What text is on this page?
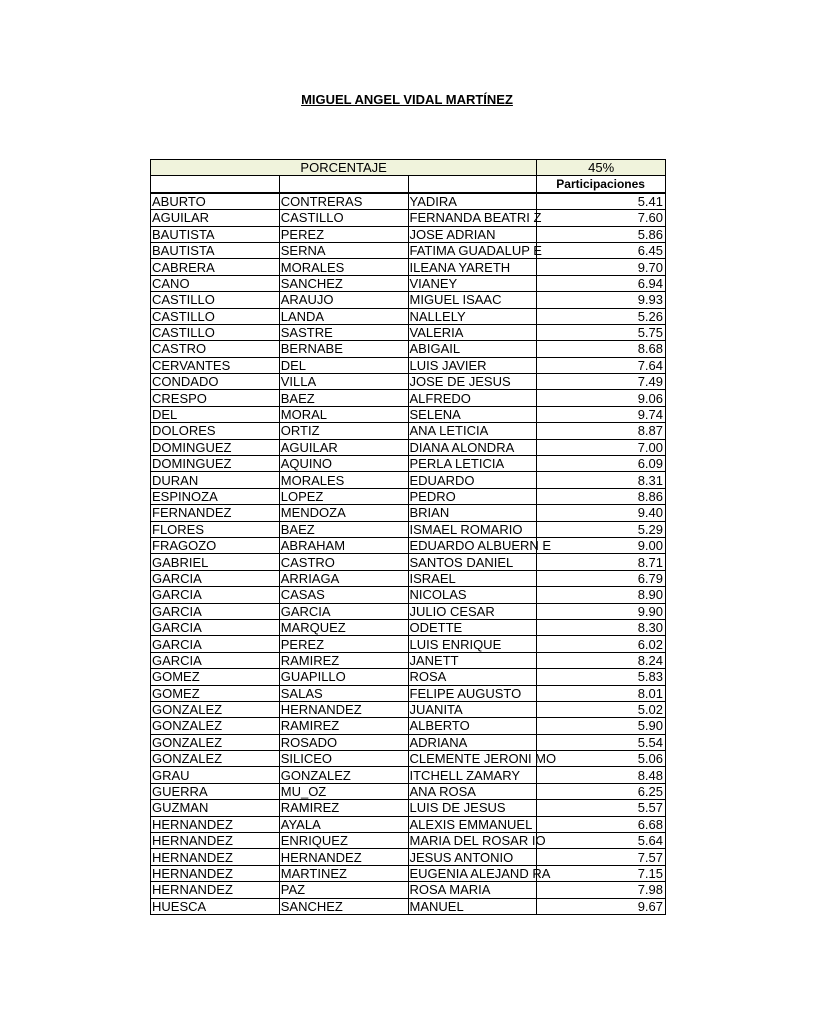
MIGUEL ANGEL VIDAL MARTÍNEZ
PORCENTAJE			45%
			Participaciones
ABURTO	CONTRERAS	YADIRA	5.41
AGUILAR	CASTILLO	FERNANDA BEATRI Z	7.60
BAUTISTA	PEREZ	JOSE ADRIAN	5.86
BAUTISTA	SERNA	FATIMA GUADALUP E	6.45
CABRERA	MORALES	ILEANA YARETH	9.70
CANO	SANCHEZ	VIANEY	6.94
CASTILLO	ARAUJO	MIGUEL ISAAC	9.93
CASTILLO	LANDA	NALLELY	5.26
CASTILLO	SASTRE	VALERIA	5.75
CASTRO	BERNABE	ABIGAIL	8.68
CERVANTES	DEL	LUIS JAVIER	7.64
CONDADO	VILLA	JOSE DE JESUS	7.49
CRESPO	BAEZ	ALFREDO	9.06
DEL	MORAL	SELENA	9.74
DOLORES	ORTIZ	ANA LETICIA	8.87
DOMINGUEZ	AGUILAR	DIANA ALONDRA	7.00
DOMINGUEZ	AQUINO	PERLA LETICIA	6.09
DURAN	MORALES	EDUARDO	8.31
ESPINOZA	LOPEZ	PEDRO	8.86
FERNANDEZ	MENDOZA	BRIAN	9.40
FLORES	BAEZ	ISMAEL ROMARIO	5.29
FRAGOZO	ABRAHAM	EDUARDO ALBUERN E	9.00
GABRIEL	CASTRO	SANTOS DANIEL	8.71
GARCIA	ARRIAGA	ISRAEL	6.79
GARCIA	CASAS	NICOLAS	8.90
GARCIA	GARCIA	JULIO CESAR	9.90
GARCIA	MARQUEZ	ODETTE	8.30
GARCIA	PEREZ	LUIS ENRIQUE	6.02
GARCIA	RAMIREZ	JANETT	8.24
GOMEZ	GUAPILLO	ROSA	5.83
GOMEZ	SALAS	FELIPE AUGUSTO	8.01
GONZALEZ	HERNANDEZ	JUANITA	5.02
GONZALEZ	RAMIREZ	ALBERTO	5.90
GONZALEZ	ROSADO	ADRIANA	5.54
GONZALEZ	SILICEO	CLEMENTE JERONI MO	5.06
GRAU	GONZALEZ	ITCHELL ZAMARY	8.48
GUERRA	MU_OZ	ANA ROSA	6.25
GUZMAN	RAMIREZ	LUIS DE JESUS	5.57
HERNANDEZ	AYALA	ALEXIS EMMANUEL	6.68
HERNANDEZ	ENRIQUEZ	MARIA DEL ROSAR IO	5.64
HERNANDEZ	HERNANDEZ	JESUS ANTONIO	7.57
HERNANDEZ	MARTINEZ	EUGENIA ALEJAND RA	7.15
HERNANDEZ	PAZ	ROSA MARIA	7.98
HUESCA	SANCHEZ	MANUEL	9.67
